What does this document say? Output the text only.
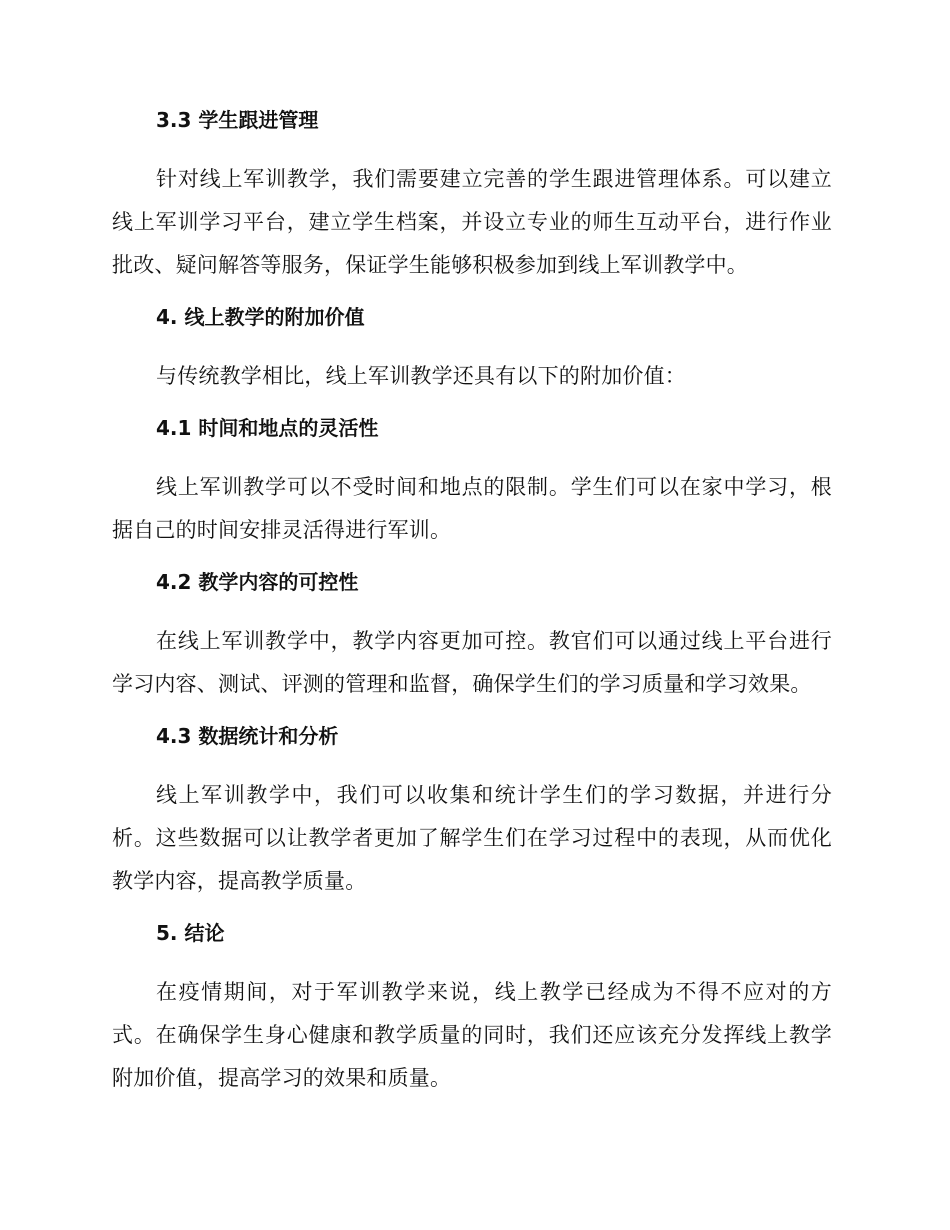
3.3 学生跟进管理

针对线上军训教学，我们需要建立完善的学生跟进管理体系。可以建立线上军训学习平台，建立学生档案，并设立专业的师生互动平台，进行作业批改、疑问解答等服务，保证学生能够积极参加到线上军训教学中。

4. 线上教学的附加价值

与传统教学相比，线上军训教学还具有以下的附加价值：

4.1 时间和地点的灵活性

线上军训教学可以不受时间和地点的限制。学生们可以在家中学习，根据自己的时间安排灵活得进行军训。

4.2 教学内容的可控性

在线上军训教学中，教学内容更加可控。教官们可以通过线上平台进行学习内容、测试、评测的管理和监督，确保学生们的学习质量和学习效果。

4.3 数据统计和分析

线上军训教学中，我们可以收集和统计学生们的学习数据，并进行分析。这些数据可以让教学者更加了解学生们在学习过程中的表现，从而优化教学内容，提高教学质量。

5. 结论

在疫情期间，对于军训教学来说，线上教学已经成为不得不应对的方式。在确保学生身心健康和教学质量的同时，我们还应该充分发挥线上教学附加价值，提高学习的效果和质量。
